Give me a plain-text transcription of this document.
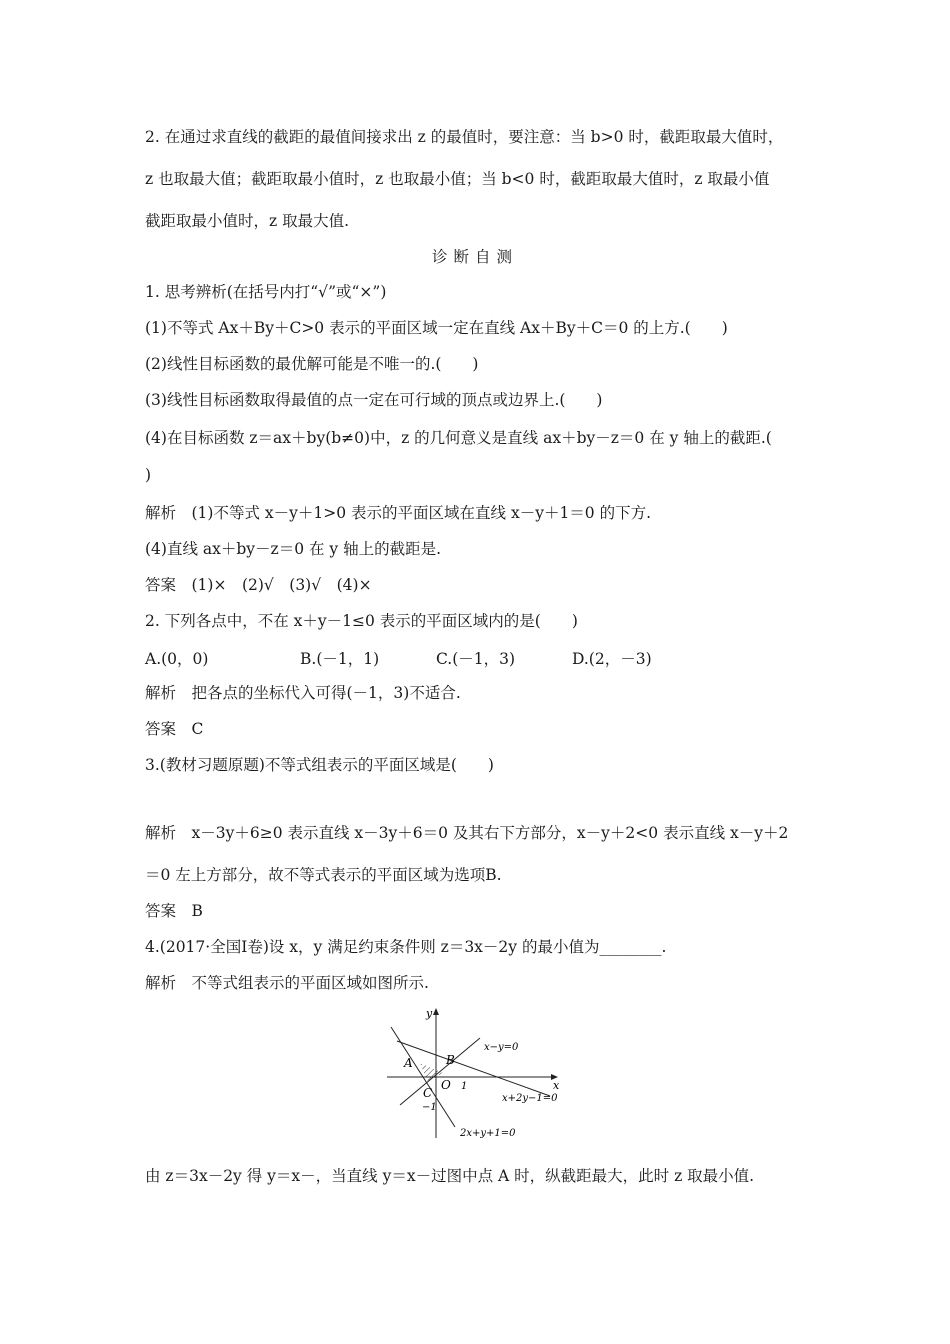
2. 在通过求直线的截距的最值间接求出 z 的最值时，要注意：当 b>0 时，截距取最大值时，
z 也取最大值；截距取最小值时，z 也取最小值；当 b<0 时，截距取最大值时，z 取最小值
截距取最小值时，z 取最大值.
诊断自测
1. 思考辨析(在括号内打“√”或“×”)
(1)不等式 Ax＋By＋C>0 表示的平面区域一定在直线 Ax＋By＋C＝0 的上方.(　　)
(2)线性目标函数的最优解可能是不唯一的.(　　)
(3)线性目标函数取得最值的点一定在可行域的顶点或边界上.(　　)
(4)在目标函数 z＝ax＋by(b≠0)中，z 的几何意义是直线 ax＋by－z＝0 在 y 轴上的截距.(
)
解析　(1)不等式 x－y＋1>0 表示的平面区域在直线 x－y＋1＝0 的下方.
(4)直线 ax＋by－z＝0 在 y 轴上的截距是.
答案　(1)×　(2)√　(3)√　(4)×
2. 下列各点中，不在 x＋y－1≤0 表示的平面区域内的是(　　)
A.(0，0)	B.(－1，1)	C.(－1，3)	D.(2，－3)
解析　把各点的坐标代入可得(－1，3)不适合.
答案　C
3.(教材习题原题)不等式组表示的平面区域是(　　)
解析　x－3y＋6≥0 表示直线 x－3y＋6＝0 及其右下方部分，x－y＋2<0 表示直线 x－y＋2
＝0 左上方部分，故不等式表示的平面区域为选项B.
答案　B
4.(2017·全国Ⅰ卷)设 x，y 满足约束条件则 z＝3x－2y 的最小值为________.
解析　不等式组表示的平面区域如图所示.
y
x
O
A	B
C	1
−1
x−y=0
x+2y−1=0
2x+y+1=0
由 z＝3x－2y 得 y＝x－，当直线 y＝x－过图中点 A 时，纵截距最大，此时 z 取最小值.
